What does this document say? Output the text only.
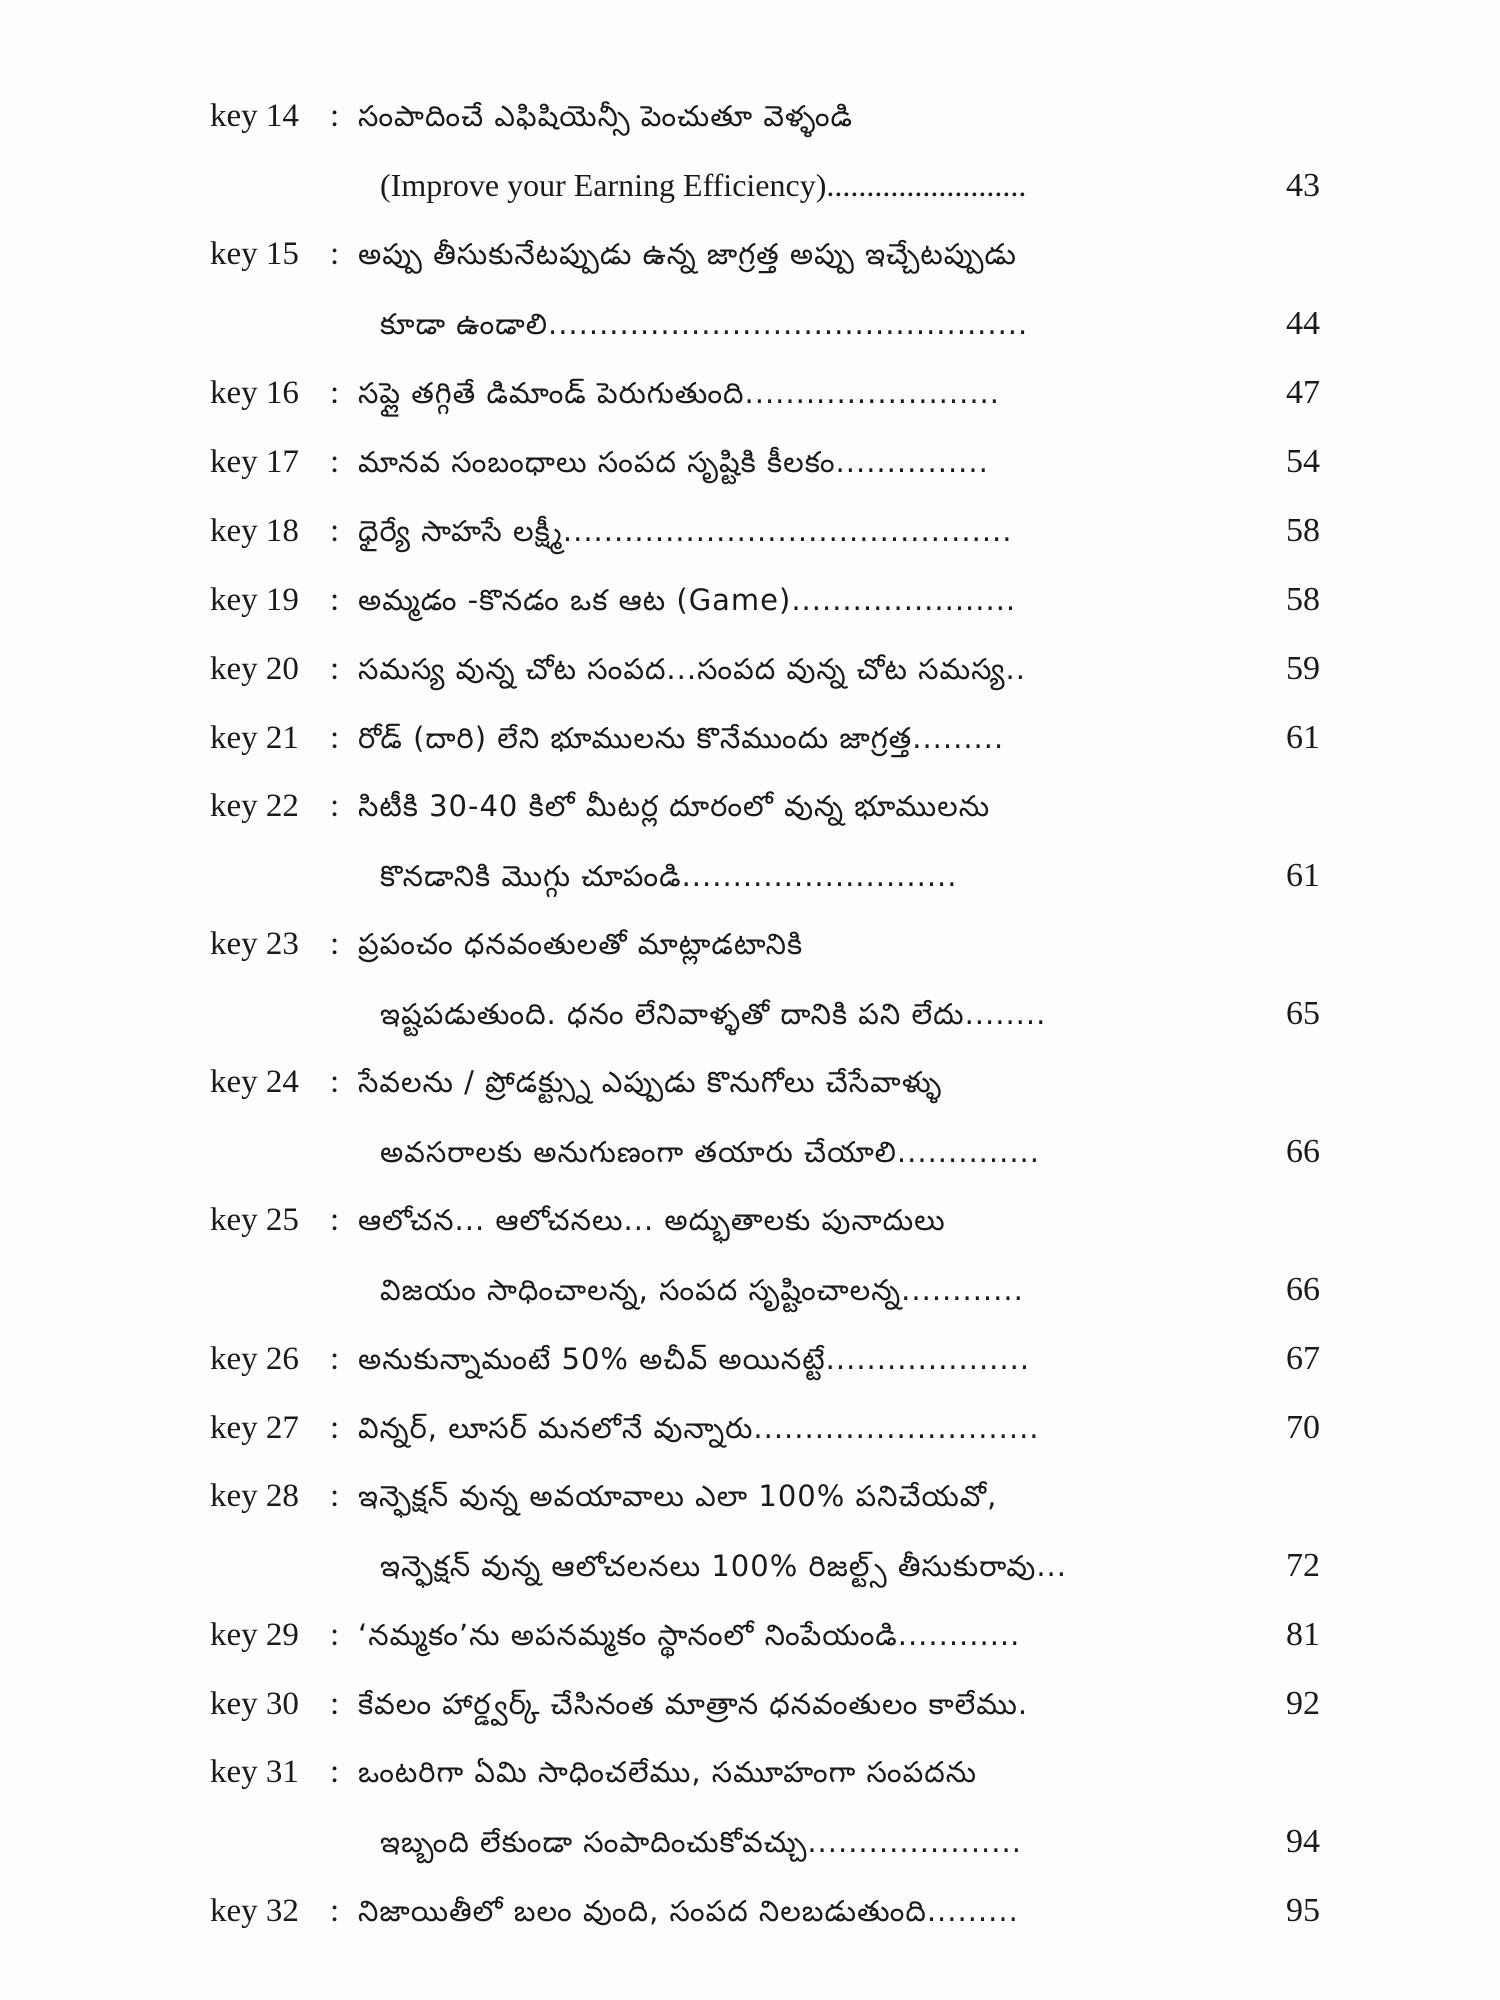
key 14 : సంపాదించే ఎఫిషియెన్సీ పెంచుతూ వెళ్ళండి
(Improve your Earning Efficiency).........................	43
key 15 : అప్పు తీసుకునేటప్పుడు ఉన్న జాగ్రత్త అప్పు ఇచ్చేటప్పుడు
కూడా ఉండాలి...............................................	44
key 16 : సప్లై తగ్గితే డిమాండ్ పెరుగుతుంది.........................	47
key 17 : మానవ సంబంధాలు సంపద సృష్టికి కీలకం...............	54
key 18 : ధైర్యే సాహసే లక్ష్మీ............................................	58
key 19 : అమ్మడం -కొనడం ఒక ఆట (Game)......................	58
key 20 : సమస్య వున్న చోట సంపద...సంపద వున్న చోట సమస్య..	59
key 21 : రోడ్ (దారి) లేని భూములను కొనేముందు జాగ్రత్త.........	61
key 22 : సిటీకి 30-40 కిలో మీటర్ల దూరంలో వున్న భూములను
కొనడానికి మొగ్గు చూపండి...........................	61
key 23 : ప్రపంచం ధనవంతులతో మాట్లాడటానికి
ఇష్టపడుతుంది. ధనం లేనివాళ్ళతో దానికి పని లేదు........	65
key 24 : సేవలను / ప్రోడక్ట్స్ను ఎప్పుడు కొనుగోలు చేసేవాళ్ళు
అవసరాలకు అనుగుణంగా తయారు చేయాలి..............	66
key 25 : ఆలోచన... ఆలోచనలు... అద్భుతాలకు పునాదులు
విజయం సాధించాలన్న, సంపద సృష్టించాలన్న............	66
key 26 : అనుకున్నామంటే 50% అచీవ్ అయినట్టే....................	67
key 27 : విన్నర్, లూసర్ మనలోనే వున్నారు............................	70
key 28 : ఇన్ఫెక్షన్ వున్న అవయావాలు ఎలా 100% పనిచేయవో,
ఇన్ఫెక్షన్ వున్న ఆలోచలనలు 100% రిజల్ట్స్ తీసుకురావు...	72
key 29 : ‘నమ్మకం’ను అపనమ్మకం స్థానంలో నింపేయండి............	81
key 30 : కేవలం హార్డ్వర్క్ చేసినంత మాత్రాన ధనవంతులం కాలేము.	92
key 31 : ఒంటరిగా ఏమి సాధించలేము, సమూహంగా సంపదను
ఇబ్బంది లేకుండా సంపాదించుకోవచ్చు.....................	94
key 32 : నిజాయితీలో బలం వుంది, సంపద నిలబడుతుంది.........	95
